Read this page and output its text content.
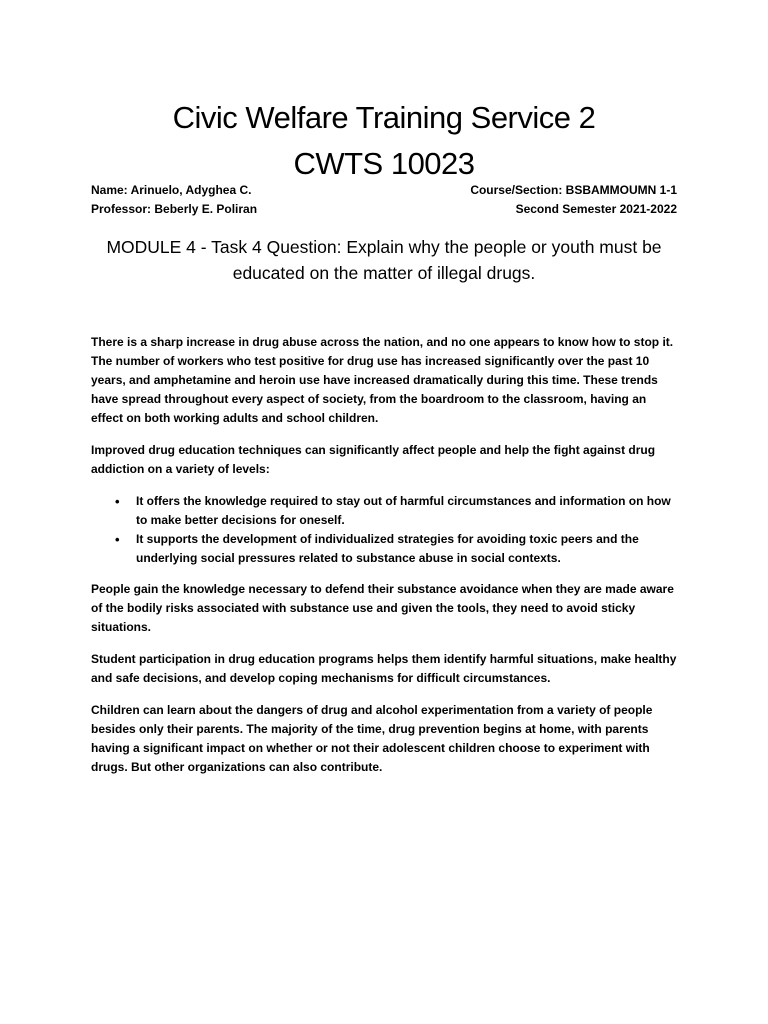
Civic Welfare Training Service 2
CWTS 10023
Name: Arinuelo, Adyghea C.	Course/Section: BSBAMMOUMN 1-1
Professor: Beberly E. Poliran	Second Semester 2021-2022
MODULE 4 - Task 4 Question: Explain why the people or youth must be educated on the matter of illegal drugs.

There is a sharp increase in drug abuse across the nation, and no one appears to know how to stop it. The number of workers who test positive for drug use has increased significantly over the past 10 years, and amphetamine and heroin use have increased dramatically during this time. These trends have spread throughout every aspect of society, from the boardroom to the classroom, having an effect on both working adults and school children.

Improved drug education techniques can significantly affect people and help the fight against drug addiction on a variety of levels:

• It offers the knowledge required to stay out of harmful circumstances and information on how to make better decisions for oneself.
• It supports the development of individualized strategies for avoiding toxic peers and the underlying social pressures related to substance abuse in social contexts.

People gain the knowledge necessary to defend their substance avoidance when they are made aware of the bodily risks associated with substance use and given the tools, they need to avoid sticky situations.

Student participation in drug education programs helps them identify harmful situations, make healthy and safe decisions, and develop coping mechanisms for difficult circumstances.

Children can learn about the dangers of drug and alcohol experimentation from a variety of people besides only their parents. The majority of the time, drug prevention begins at home, with parents having a significant impact on whether or not their adolescent children choose to experiment with drugs. But other organizations can also contribute.
